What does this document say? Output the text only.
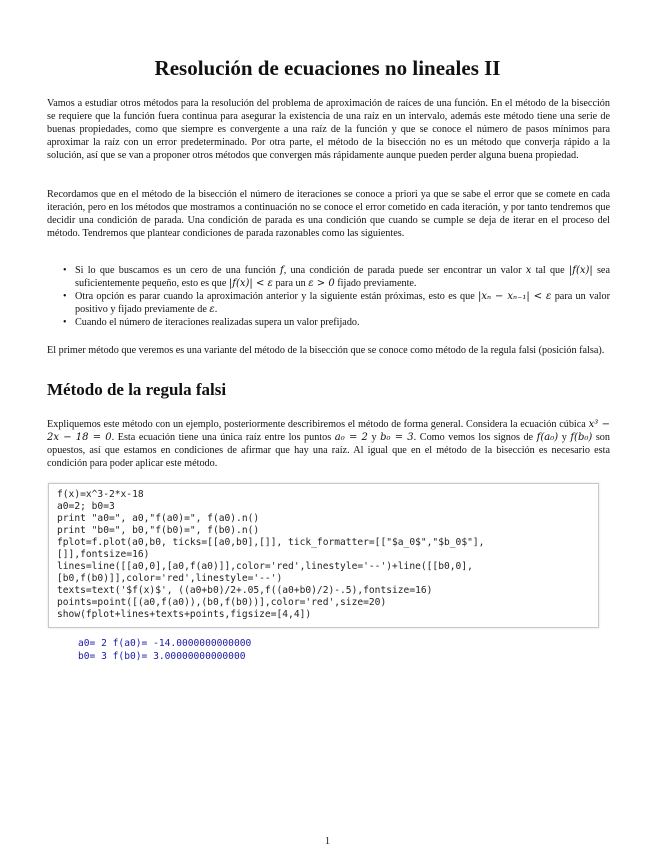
Resolución de ecuaciones no lineales II

Vamos a estudiar otros métodos para la resolución del problema de aproximación de raíces de una función. En el método de la bisección se requiere que la función fuera continua para asegurar la existencia de una raíz en un intervalo, además este método tiene una serie de buenas propiedades, como que siempre es convergente a una raíz de la función y que se conoce el número de pasos mínimos para aproximar la raíz con un error predeterminado. Por otra parte, el método de la bisección no es un método que converja rápido a la solución, así que se van a proponer otros métodos que convergen más rápidamente aunque pueden perder alguna buena propiedad.

Recordamos que en el método de la bisección el número de iteraciones se conoce a priori ya que se sabe el error que se comete en cada iteración, pero en los métodos que mostramos a continuación no se conoce el error cometido en cada iteración, y por tanto tendremos que decidir una condición de parada. Una condición de parada es una condición que cuando se cumple se deja de iterar en el proceso del método. Tendremos que plantear condiciones de parada razonables como las siguientes.

• Si lo que buscamos es un cero de una función f, una condición de parada puede ser encontrar un valor x tal que |f(x)| sea suficientemente pequeño, esto es que |f(x)| < ε para un ε > 0 fijado previamente.
• Otra opción es parar cuando la aproximación anterior y la siguiente están próximas, esto es que |xₙ − xₙ₋₁| < ε para un valor positivo y fijado previamente de ε.
• Cuando el número de iteraciones realizadas supera un valor prefijado.

El primer método que veremos es una variante del método de la bisección que se conoce como método de la regula falsi (posición falsa).

Método de la regula falsi

Expliquemos este método con un ejemplo, posteriormente describiremos el método de forma general. Considera la ecuación cúbica x³ − 2x − 18 = 0. Esta ecuación tiene una única raíz entre los puntos a₀ = 2 y b₀ = 3. Como vemos los signos de f(a₀) y f(b₀) son opuestos, así que estamos en condiciones de afirmar que hay una raíz. Al igual que en el método de la bisección es necesario esta condición para poder aplicar este método.

f(x)=x^3-2*x-18
a0=2; b0=3
print "a0=", a0,"f(a0)=", f(a0).n()
print "b0=", b0,"f(b0)=", f(b0).n()
fplot=f.plot(a0,b0, ticks=[[a0,b0],[]], tick_formatter=[["$a_0$","$b_0$"],
[]],fontsize=16)
lines=line([[a0,0],[a0,f(a0)]],color='red',linestyle='--')+line([[b0,0],
[b0,f(b0)]],color='red',linestyle='--')
texts=text('$f(x)$', ((a0+b0)/2+.05,f((a0+b0)/2)-.5),fontsize=16)
points=point([(a0,f(a0)),(b0,f(b0))],color='red',size=20)
show(fplot+lines+texts+points,figsize=[4,4])
a0= 2 f(a0)= -14.0000000000000
b0= 3 f(b0)= 3.00000000000000
1
